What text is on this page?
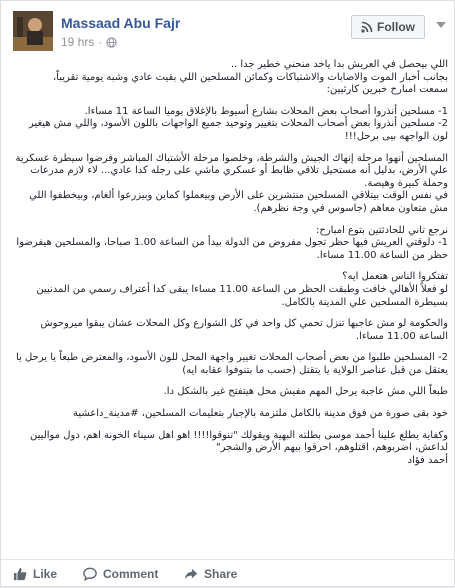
Massaad Abu Fajr
19 hrs ·
Follow

اللي بيحصل في العريش بدأ ياخد منحني خطير جداً ..
بجانب أخبار الموت والاصابات والاشتباكات وكمائن المسلحين اللي بقيت عادي وشبه يومية تقريباً،
سمعت امبارح خبرين كارثيين:

1- مسلحين أنذروا أصحاب بعض المحلات بشارع أسيوط بالإغلاق يوميا الساعة 11 مساءا.
2- مسلحين أنذروا بعض أصحاب المحلات بتغيير وتوحيد جميع الواجهات باللون الأسود، واللي مش هيغير لون الواجهه بيى برحل!!!

المسلحين أنهوا مرحلة إنهاك الجيش والشرطة، وخلصوا مرحلة الأشتباك المباشر وفرضوا سيطرة عسكرية علي الأرض، بدليل أنه مستحيل تلاقي ظابط أو عسكري ماشي على رجله كدا عادي... لاء لازم مدرعات وحملة كبيرة وهيصة.
في نفس الوقت بيتلاقي المسلحين منتشرين على الأرض وبيعملوا كماين وبيزرعوا ألغام، وبيخطفوا اللي مش متعاون معاهم (جاسوس في وجة نظرهم).

نرجع تاني للحادثتين بتوع امبارح:
1- دلوقتي العريش فيها حظر تجول مفروض من الدولة بيدأ من الساعة 1.00 صباحا، والمسلحين هيفرضوا حظر من الساعة 11.00 مساءا.

تفتكروا الناس هتعمل ايه؟
لو فعلاً الأهالي خافت وطبقت الحظر من الساعة 11.00 مساءا يبقى كدا أعتراف رسمي من المدنيين بسيطرة المسلحين علي المدينة بالكامل.

والحكومة لو مش عاجبها تنزل تحمي كل واحد في كل الشوارع وكل المحلات عشان يبقوا ميروحوش الساعة 11.00 مساءا.

2- المسلحين طلبوا من بعض أصحاب المحلات تغيير واجهة المحل للون الأسود، والمعترض طبعاً يا يرحل يا يعتقل من قبل عناصر الولاية يا يتقتل (حسب ما بتنوفوا عقابه ايه)

طبعاً اللي مش عاجبة يرحل المهم مفيش محل هيتفتح غير بالشكل دا.

خود بقى صورة من فوق مدينة بالكامل ملتزمة بالإجبار بتعليمات المسلحين، #مدينة_داعشية

وكفاية يطلع علينا أحمد موسى بطلته البهية ويقولك "تنوقوا!!!! اهو اهل سيناء الخونة اهم، دول مواليين لداعش، اضربوهم، اقتلوهم، احرقوا بيهم الأرض والشجر"
أحمد فؤاد

Like	Comment	Share
